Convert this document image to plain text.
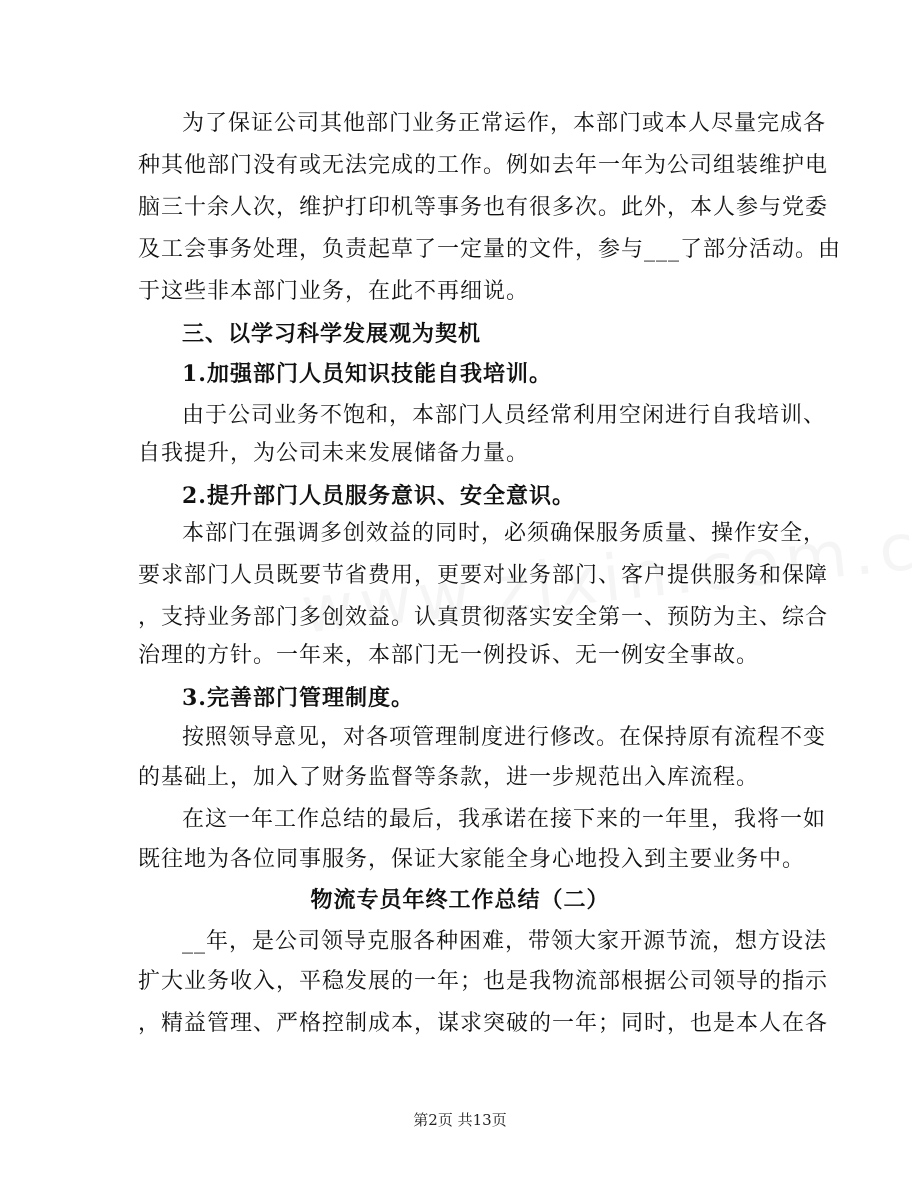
为了保证公司其他部门业务正常运作，本部门或本人尽量完成各
种其他部门没有或无法完成的工作。例如去年一年为公司组装维护电
脑三十余人次，维护打印机等事务也有很多次。此外，本人参与党委
及工会事务处理，负责起草了一定量的文件，参与___了部分活动。由
于这些非本部门业务，在此不再细说。
三、以学习科学发展观为契机
1.加强部门人员知识技能自我培训。
由于公司业务不饱和，本部门人员经常利用空闲进行自我培训、
自我提升，为公司未来发展储备力量。
2.提升部门人员服务意识、安全意识。
本部门在强调多创效益的同时，必须确保服务质量、操作安全，
要求部门人员既要节省费用，更要对业务部门、客户提供服务和保障
，支持业务部门多创效益。认真贯彻落实安全第一、预防为主、综合
治理的方针。一年来，本部门无一例投诉、无一例安全事故。
3.完善部门管理制度。
按照领导意见，对各项管理制度进行修改。在保持原有流程不变
的基础上，加入了财务监督等条款，进一步规范出入库流程。
在这一年工作总结的最后，我承诺在接下来的一年里，我将一如
既往地为各位同事服务，保证大家能全身心地投入到主要业务中。
物流专员年终工作总结（二）
__年，是公司领导克服各种困难，带领大家开源节流，想方设法
扩大业务收入，平稳发展的一年；也是我物流部根据公司领导的指示
，精益管理、严格控制成本，谋求突破的一年；同时，也是本人在各
第2页 共13页
